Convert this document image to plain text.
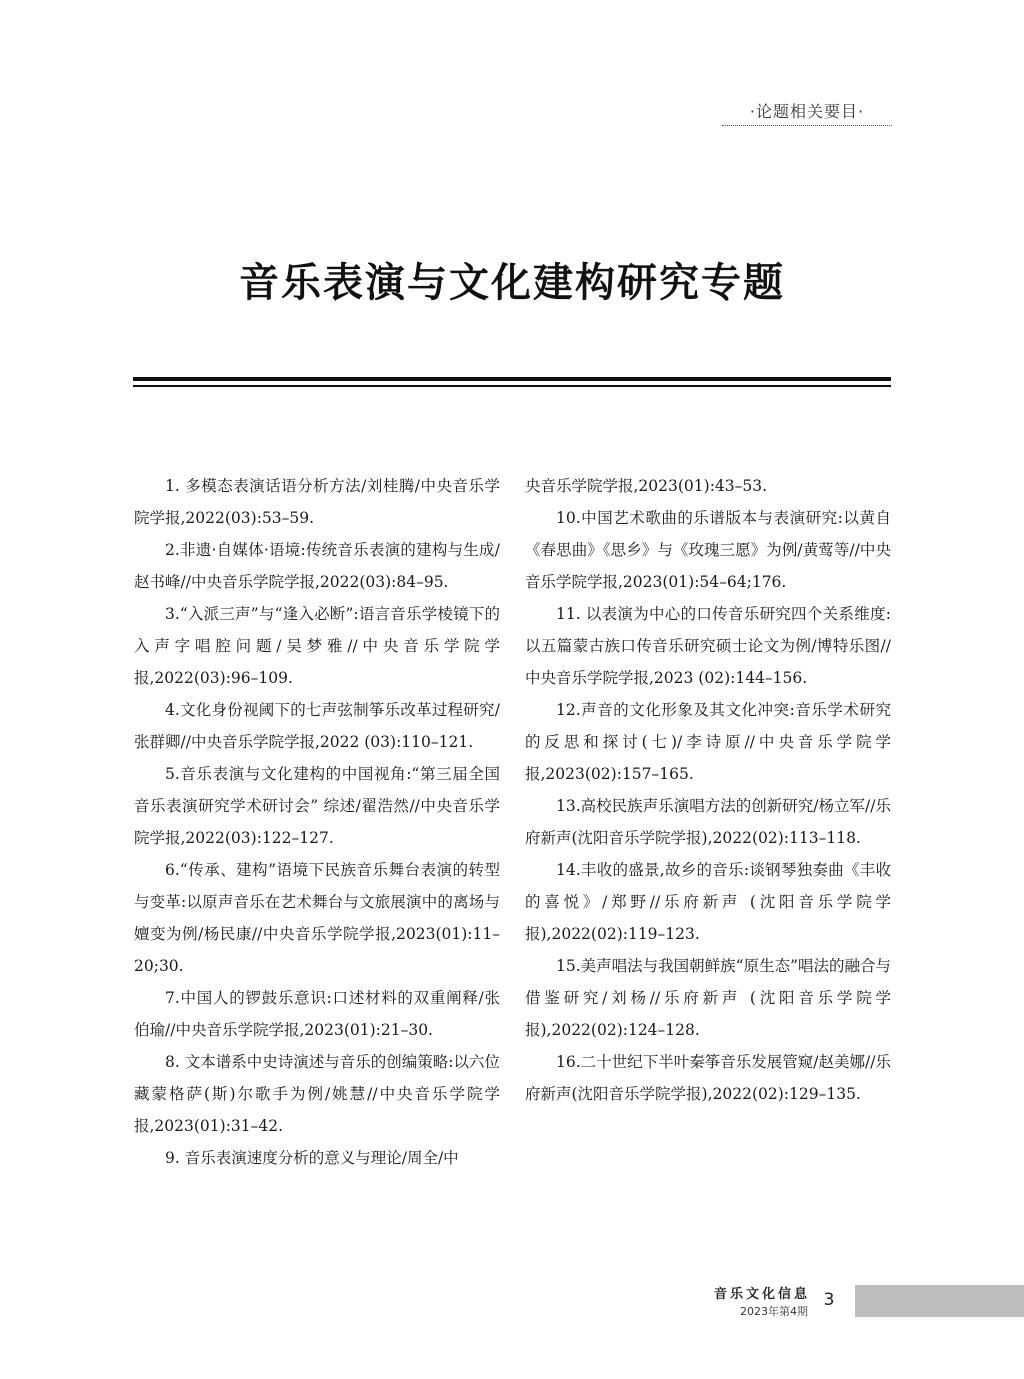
·论题相关要目·
音乐表演与文化建构研究专题

1. 多模态表演话语分析方法/刘桂腾/中央音乐学院学报,2022(03):53–59.

2.非遗·自媒体·语境:传统音乐表演的建构与生成/赵书峰//中央音乐学院学报,2022(03):84–95.

3.“入派三声”与“逢入必断”:语言音乐学棱镜下的入声字唱腔问题/吴梦雅//中央音乐学院学报,2022(03):96–109.

4.文化身份视阈下的七声弦制筝乐改革过程研究/张群卿//中央音乐学院学报,2022 (03):110–121.

5.音乐表演与文化建构的中国视角:“第三届全国音乐表演研究学术研讨会” 综述/翟浩然//中央音乐学院学报,2022(03):122–127.

6.“传承、建构”语境下民族音乐舞台表演的转型与变革:以原声音乐在艺术舞台与文旅展演中的离场与嬗变为例/杨民康//中央音乐学院学报,2023(01):11–20;30.

7.中国人的锣鼓乐意识:口述材料的双重阐释/张伯瑜//中央音乐学院学报,2023(01):21–30.

8. 文本谱系中史诗演述与音乐的创编策略:以六位藏蒙格萨(斯)尔歌手为例/姚慧//中央音乐学院学报,2023(01):31–42.

9. 音乐表演速度分析的意义与理论/周全/中

央音乐学院学报,2023(01):43–53.

10.中国艺术歌曲的乐谱版本与表演研究:以黄自《春思曲》《思乡》与《玫瑰三愿》为例/黄莺等//中央音乐学院学报,2023(01):54–64;176.

11. 以表演为中心的口传音乐研究四个关系维度:以五篇蒙古族口传音乐研究硕士论文为例/博特乐图//中央音乐学院学报,2023 (02):144–156.

12.声音的文化形象及其文化冲突:音乐学术研究的反思和探讨(七)/李诗原//中央音乐学院学报,2023(02):157–165.

13.高校民族声乐演唱方法的创新研究/杨立军//乐府新声(沈阳音乐学院学报),2022(02):113–118.

14.丰收的盛景,故乡的音乐:谈钢琴独奏曲《丰收的喜悦》/郑野//乐府新声 (沈阳音乐学院学报),2022(02):119–123.

15.美声唱法与我国朝鲜族“原生态”唱法的融合与借鉴研究/刘杨//乐府新声 (沈阳音乐学院学报),2022(02):124–128.

16.二十世纪下半叶秦筝音乐发展管窥/赵美娜//乐府新声(沈阳音乐学院学报),2022(02):129–135.

音乐文化信息
2023年第4期
3
